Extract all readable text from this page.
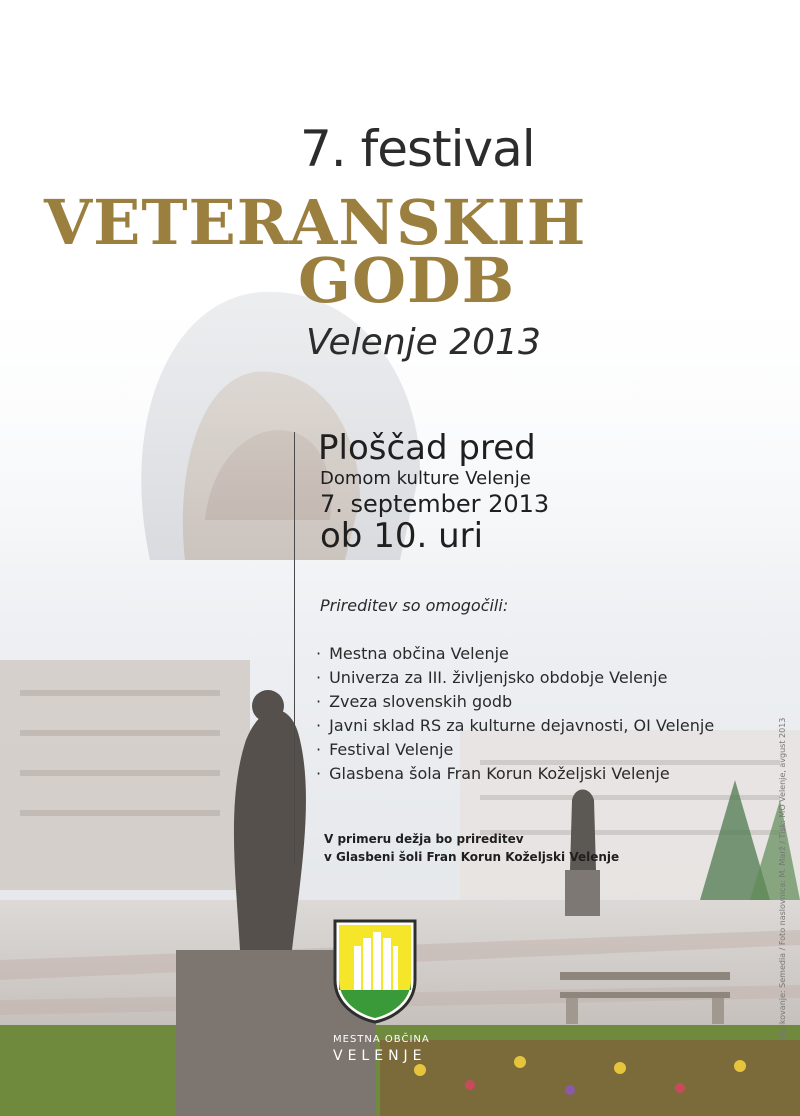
7. festival
VETERANSKIH
GODB
Velenje 2013
Ploščad pred
Domom kulture Velenje
7. september 2013
ob 10. uri
Prireditev so omogočili:
· Mestna občina Velenje
· Univerza za III. življenjsko obdobje Velenje
· Zveza slovenskih godb
· Javni sklad RS za kulturne dejavnosti, OI Velenje
· Festival Velenje
· Glasbena šola Fran Korun Koželjski Velenje
V primeru dežja bo prireditev
v Glasbeni šoli Fran Korun Koželjski Velenje
MESTNA OBČINA
VELENJE
Oblikovanje: Semedia / Foto naslovnica: M. Marž / Tisk: MO Velenje, avgust 2013
